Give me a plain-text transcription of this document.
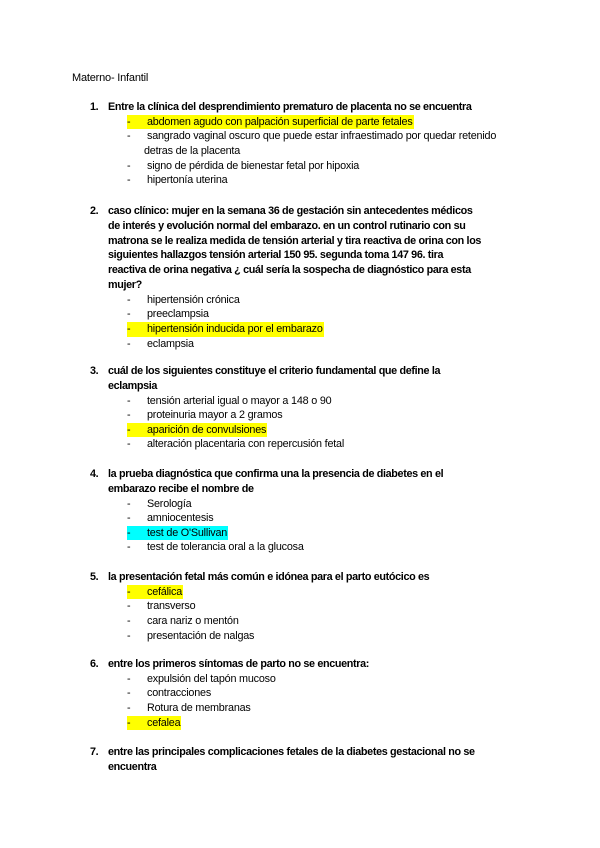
Materno- Infantil
1. Entre la clínica del desprendimiento prematuro de placenta no se encuentra
- abdomen agudo con palpación superficial de parte fetales
- sangrado vaginal oscuro que puede estar infraestimado por quedar retenido
detras de la placenta
- signo de pérdida de bienestar fetal por hipoxia
- hipertonía uterina
2. caso clínico: mujer en la semana 36 de gestación sin antecedentes médicos
de interés y evolución normal del embarazo. en un control rutinario con su
matrona se le realiza medida de tensión arterial y tira reactiva de orina con los
siguientes hallazgos tensión arterial 150 95. segunda toma 147 96. tira
reactiva de orina negativa ¿ cuál sería la sospecha de diagnóstico para esta
mujer?
- hipertensión crónica
- preeclampsia
- hipertensión inducida por el embarazo
- eclampsia
3. cuál de los siguientes constituye el criterio fundamental que define la
eclampsia
- tensión arterial igual o mayor a 148 o 90
- proteinuria mayor a 2 gramos
- aparición de convulsiones
- alteración placentaria con repercusión fetal
4. la prueba diagnóstica que confirma una la presencia de diabetes en el
embarazo recibe el nombre de
- Serología
- amniocentesis
- test de O'Sullivan
- test de tolerancia oral a la glucosa
5. la presentación fetal más común e idónea para el parto eutócico es
- cefálica
- transverso
- cara nariz o mentón
- presentación de nalgas
6. entre los primeros síntomas de parto no se encuentra:
- expulsión del tapón mucoso
- contracciones
- Rotura de membranas
- cefalea
7. entre las principales complicaciones fetales de la diabetes gestacional no se
encuentra
